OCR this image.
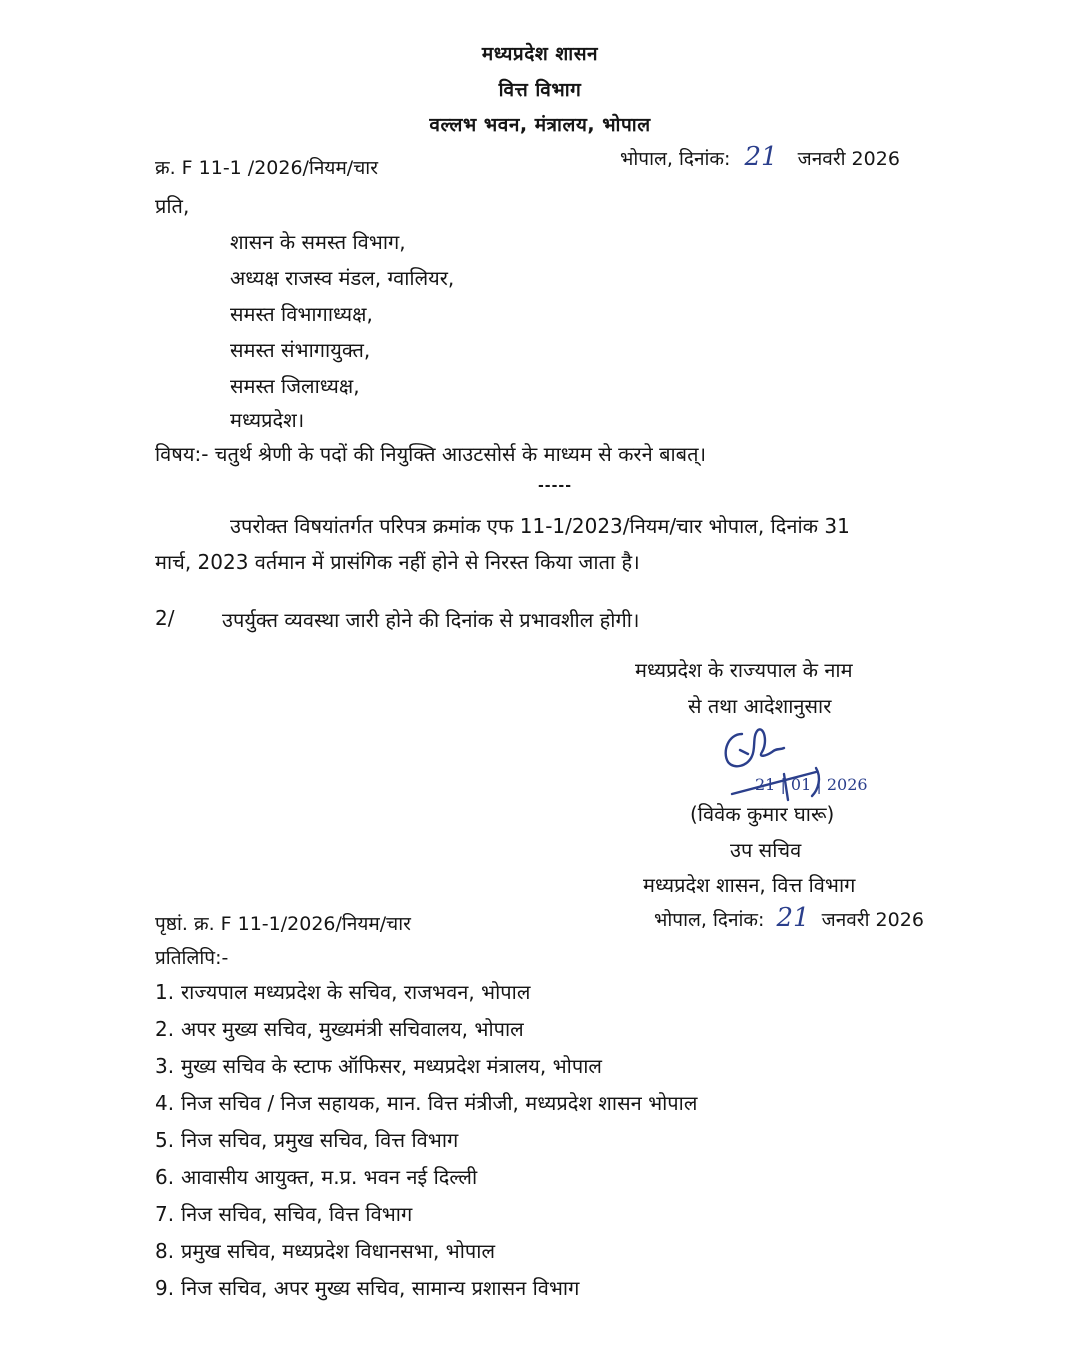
मध्यप्रदेश शासन
वित्त विभाग
वल्लभ भवन, मंत्रालय, भोपाल
क्र. F 11-1 /2026/नियम/चार	भोपाल, दिनांक: 21 जनवरी 2026
प्रति,
शासन के समस्त विभाग,
अध्यक्ष राजस्व मंडल, ग्वालियर,
समस्त विभागाध्यक्ष,
समस्त संभागायुक्त,
समस्त जिलाध्यक्ष,
मध्यप्रदेश।
विषय:- चतुर्थ श्रेणी के पदों की नियुक्ति आउटसोर्स के माध्यम से करने बाबत्।
-----
उपरोक्त विषयांतर्गत परिपत्र क्रमांक एफ 11-1/2023/नियम/चार भोपाल, दिनांक 31
मार्च, 2023 वर्तमान में प्रासंगिक नहीं होने से निरस्त किया जाता है।
2/ उपर्युक्त व्यवस्था जारी होने की दिनांक से प्रभावशील होगी।
मध्यप्रदेश के राज्यपाल के नाम
से तथा आदेशानुसार
21 | 01 | 2026
(विवेक कुमार घारू)
उप सचिव
मध्यप्रदेश शासन, वित्त विभाग
पृष्ठां. क्र. F 11-1/2026/नियम/चार	भोपाल, दिनांक: 21 जनवरी 2026
प्रतिलिपि:-
1. राज्यपाल मध्यप्रदेश के सचिव, राजभवन, भोपाल
2. अपर मुख्य सचिव, मुख्यमंत्री सचिवालय, भोपाल
3. मुख्य सचिव के स्टाफ ऑफिसर, मध्यप्रदेश मंत्रालय, भोपाल
4. निज सचिव / निज सहायक, मान. वित्त मंत्रीजी, मध्यप्रदेश शासन भोपाल
5. निज सचिव, प्रमुख सचिव, वित्त विभाग
6. आवासीय आयुक्त, म.प्र. भवन नई दिल्ली
7. निज सचिव, सचिव, वित्त विभाग
8. प्रमुख सचिव, मध्यप्रदेश विधानसभा, भोपाल
9. निज सचिव, अपर मुख्य सचिव, सामान्य प्रशासन विभाग
